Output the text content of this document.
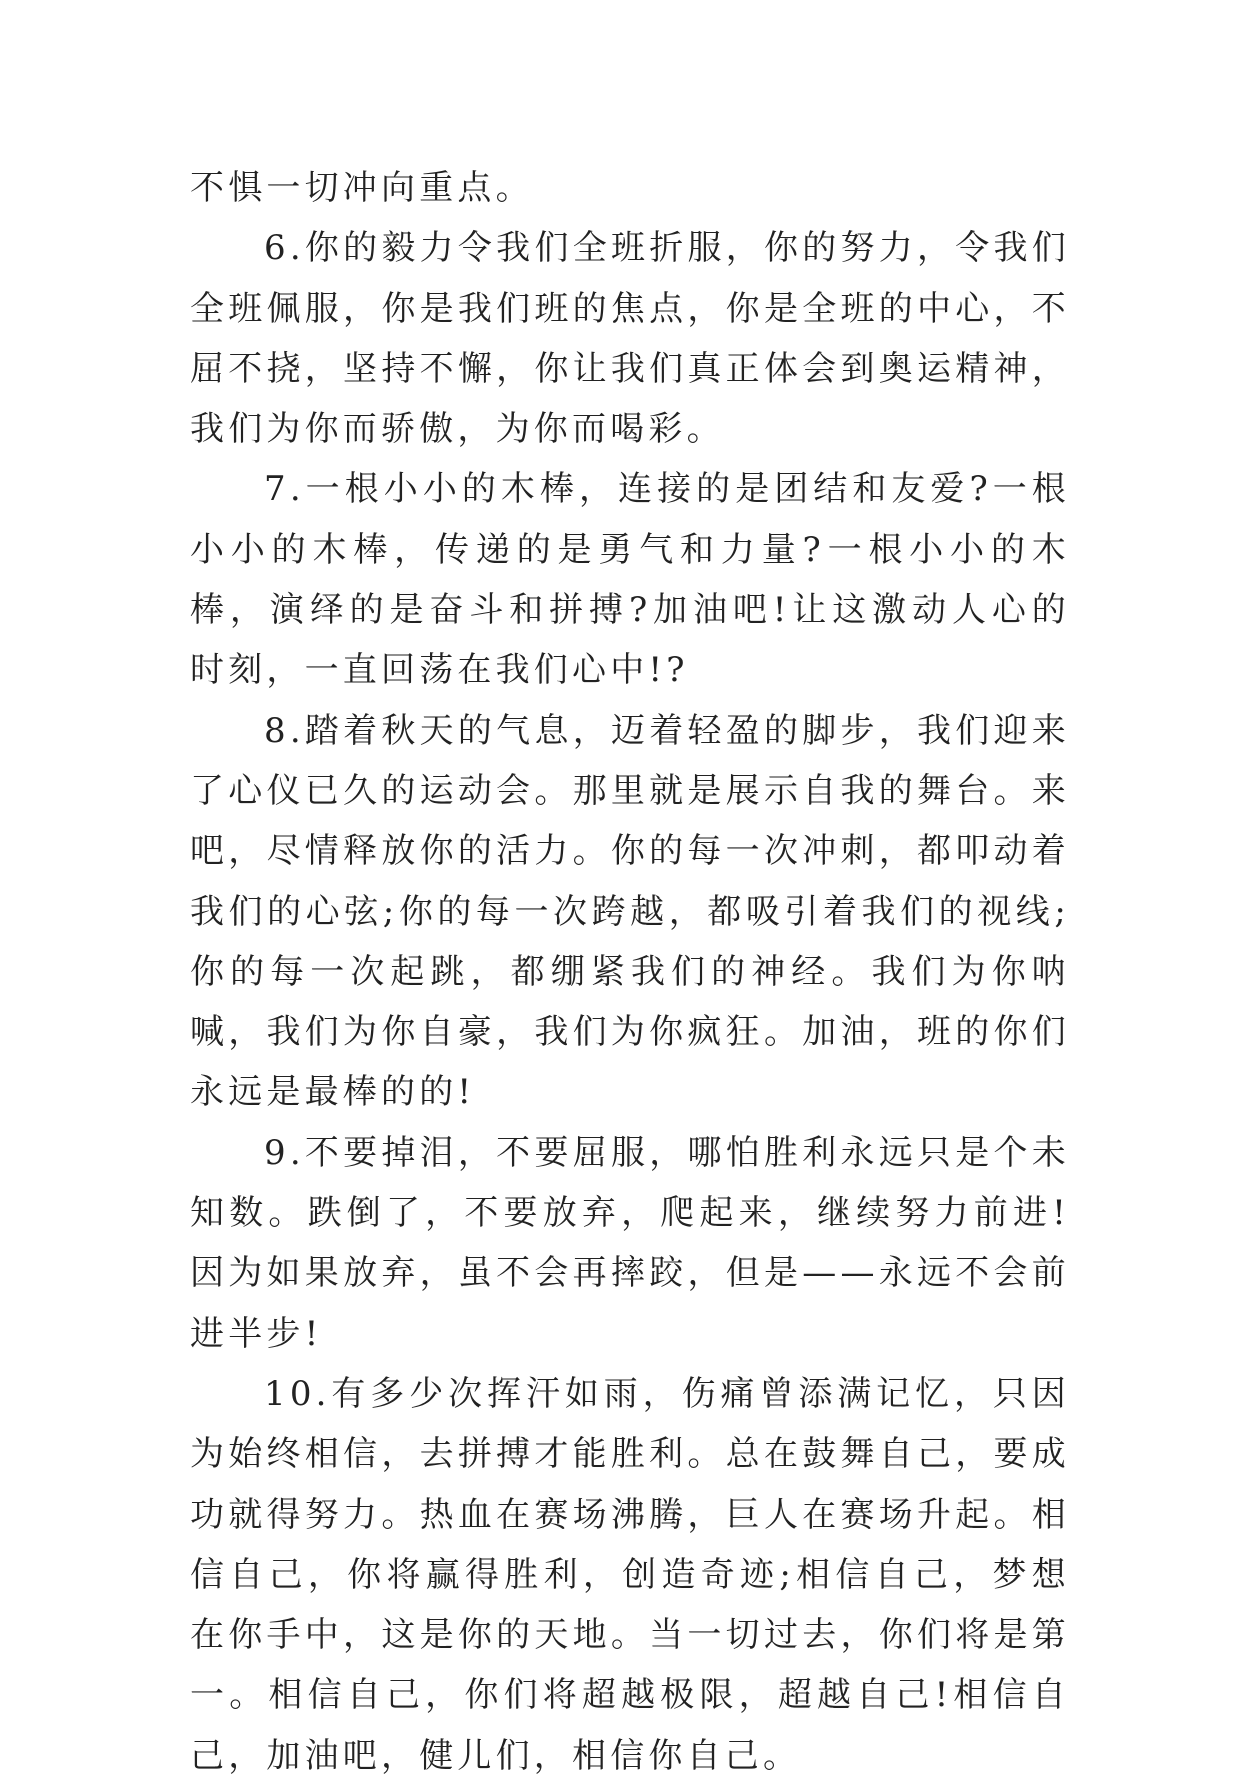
不惧一切冲向重点。

6.你的毅力令我们全班折服，你的努力，令我们全班佩服，你是我们班的焦点，你是全班的中心，不屈不挠，坚持不懈，你让我们真正体会到奥运精神，我们为你而骄傲，为你而喝彩。

7.一根小小的木棒，连接的是团结和友爱?一根小小的木棒，传递的是勇气和力量?一根小小的木棒，演绎的是奋斗和拼搏?加油吧!让这激动人心的时刻，一直回荡在我们心中!?

8.踏着秋天的气息，迈着轻盈的脚步，我们迎来了心仪已久的运动会。那里就是展示自我的舞台。来吧，尽情释放你的活力。你的每一次冲刺，都叩动着我们的心弦;你的每一次跨越，都吸引着我们的视线;你的每一次起跳，都绷紧我们的神经。我们为你呐喊，我们为你自豪，我们为你疯狂。加油，班的你们永远是最棒的的!

9.不要掉泪，不要屈服，哪怕胜利永远只是个未知数。跌倒了，不要放弃，爬起来，继续努力前进!因为如果放弃，虽不会再摔跤，但是——永远不会前进半步!

10.有多少次挥汗如雨，伤痛曾添满记忆，只因为始终相信，去拼搏才能胜利。总在鼓舞自己，要成功就得努力。热血在赛场沸腾，巨人在赛场升起。相信自己，你将赢得胜利，创造奇迹;相信自己，梦想在你手中，这是你的天地。当一切过去，你们将是第一。相信自己，你们将超越极限，超越自己!相信自己，加油吧，健儿们，相信你自己。
